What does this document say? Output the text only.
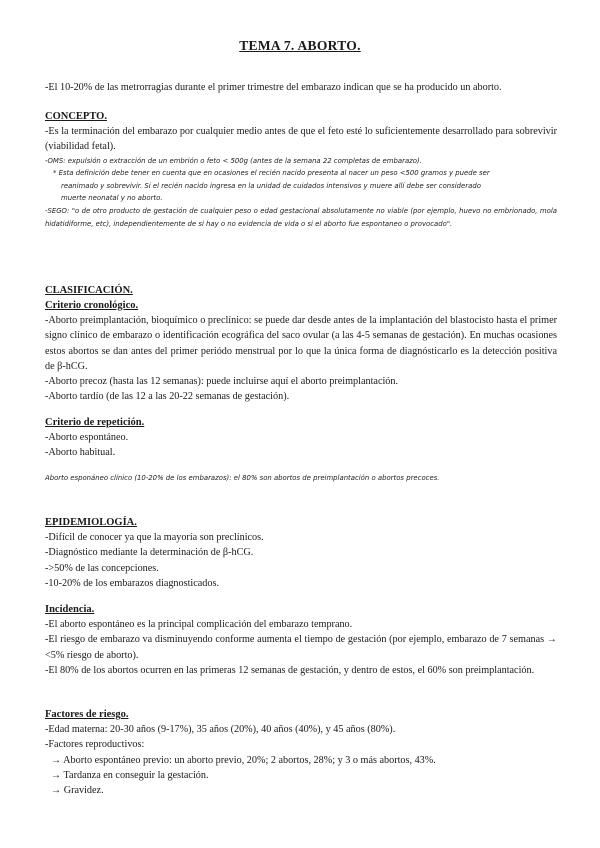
TEMA 7. ABORTO.

-El 10-20% de las metrorragias durante el primer trimestre del embarazo indican que se ha producido un aborto.

CONCEPTO.

-Es la terminación del embarazo por cualquier medio antes de que el feto esté lo suficientemente desarrollado para sobrevivir (viabilidad fetal).

-OMS: expulsión o extracción de un embrión o feto < 500g (antes de la semana 22 completas de embarazo).

* Esta definición debe tener en cuenta que en ocasiones el recién nacido presenta al nacer un peso <500 gramos y puede ser

reanimado y sobrevivir. Si el recién nacido ingresa en la unidad de cuidados intensivos y muere allí debe ser considerado

muerte neonatal y no aborto.

-SEGO: "o de otro producto de gestación de cualquier peso o edad gestacional absolutamente no viable (por ejemplo, huevo no embrionado, mola hidatidiforme, etc), independientemente de si hay o no evidencia de vida o si el aborto fue espontaneo o provocado".

CLASIFICACIÓN.

Criterio cronológico.

-Aborto preimplantación, bioquímico o preclínico: se puede dar desde antes de la implantación del blastocisto hasta el primer signo clínico de embarazo o identificación ecográfica del saco ovular (a las 4-5 semanas de gestación). En muchas ocasiones estos abortos se dan antes del primer periódo menstrual por lo que la única forma de diagnósticarlo es la detección positiva de β-hCG.

-Aborto precoz (hasta las 12 semanas): puede incluirse aquí el aborto preimplantación.

-Aborto tardío (de las 12 a las 20-22 semanas de gestación).

Criterio de repetición.

-Aborto espontáneo.

-Aborto habitual.

Aborto esponáneo clínico (10-20% de los embarazos): el 80% son abortos de preimplantación o abortos precoces.

EPIDEMIOLOGÍA.

-Difícil de conocer ya que la mayoría son preclínicos.

-Diagnóstico mediante la determinación de β-hCG.

->50% de las concepciones.

-10-20% de los embarazos diagnosticados.

Incidencia.

-El aborto espontáneo es la principal complicación del embarazo temprano.

-El riesgo de embarazo va disminuyendo conforme aumenta el tiempo de gestación (por ejemplo, embarazo de 7 semanas → <5% riesgo de aborto).

-El 80% de los abortos ocurren en las primeras 12 semanas de gestación, y dentro de estos, el 60% son preimplantación.

Factores de riesgo.

-Edad materna: 20-30 años (9-17%), 35 años (20%), 40 años (40%), y 45 años (80%).

-Factores reproductivos:

→ Aborto espontáneo previo: un aborto previo, 20%; 2 abortos, 28%; y 3 o más abortos, 43%.

→ Tardanza en conseguir la gestación.

→ Gravidez.
